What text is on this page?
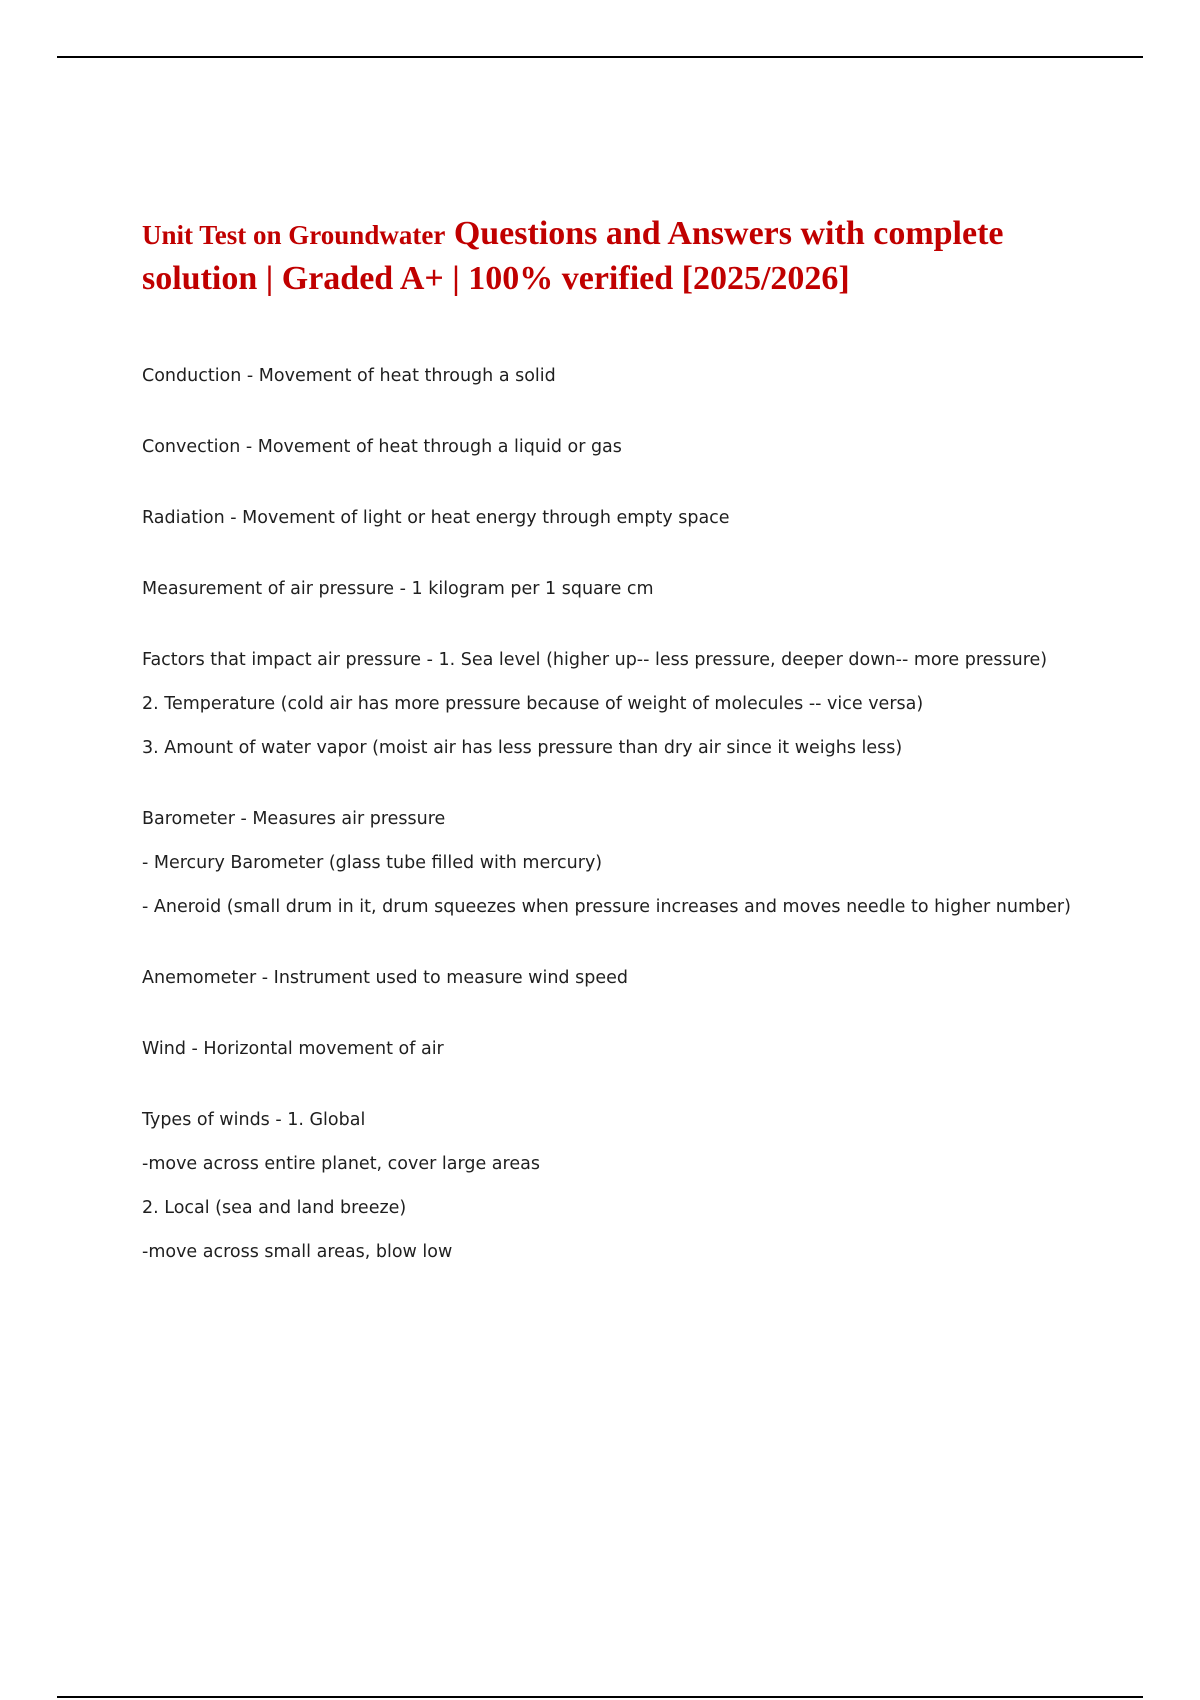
Unit Test on Groundwater Questions and Answers with complete solution | Graded A+ | 100% verified [2025/2026]

Conduction - Movement of heat through a solid

Convection - Movement of heat through a liquid or gas

Radiation - Movement of light or heat energy through empty space

Measurement of air pressure - 1 kilogram per 1 square cm

Factors that impact air pressure - 1. Sea level (higher up-- less pressure, deeper down-- more pressure)

2. Temperature (cold air has more pressure because of weight of molecules -- vice versa)

3. Amount of water vapor (moist air has less pressure than dry air since it weighs less)

Barometer - Measures air pressure

- Mercury Barometer (glass tube filled with mercury)

- Aneroid (small drum in it, drum squeezes when pressure increases and moves needle to higher number)

Anemometer - Instrument used to measure wind speed

Wind - Horizontal movement of air

Types of winds - 1. Global

-move across entire planet, cover large areas

2. Local (sea and land breeze)

-move across small areas, blow low
